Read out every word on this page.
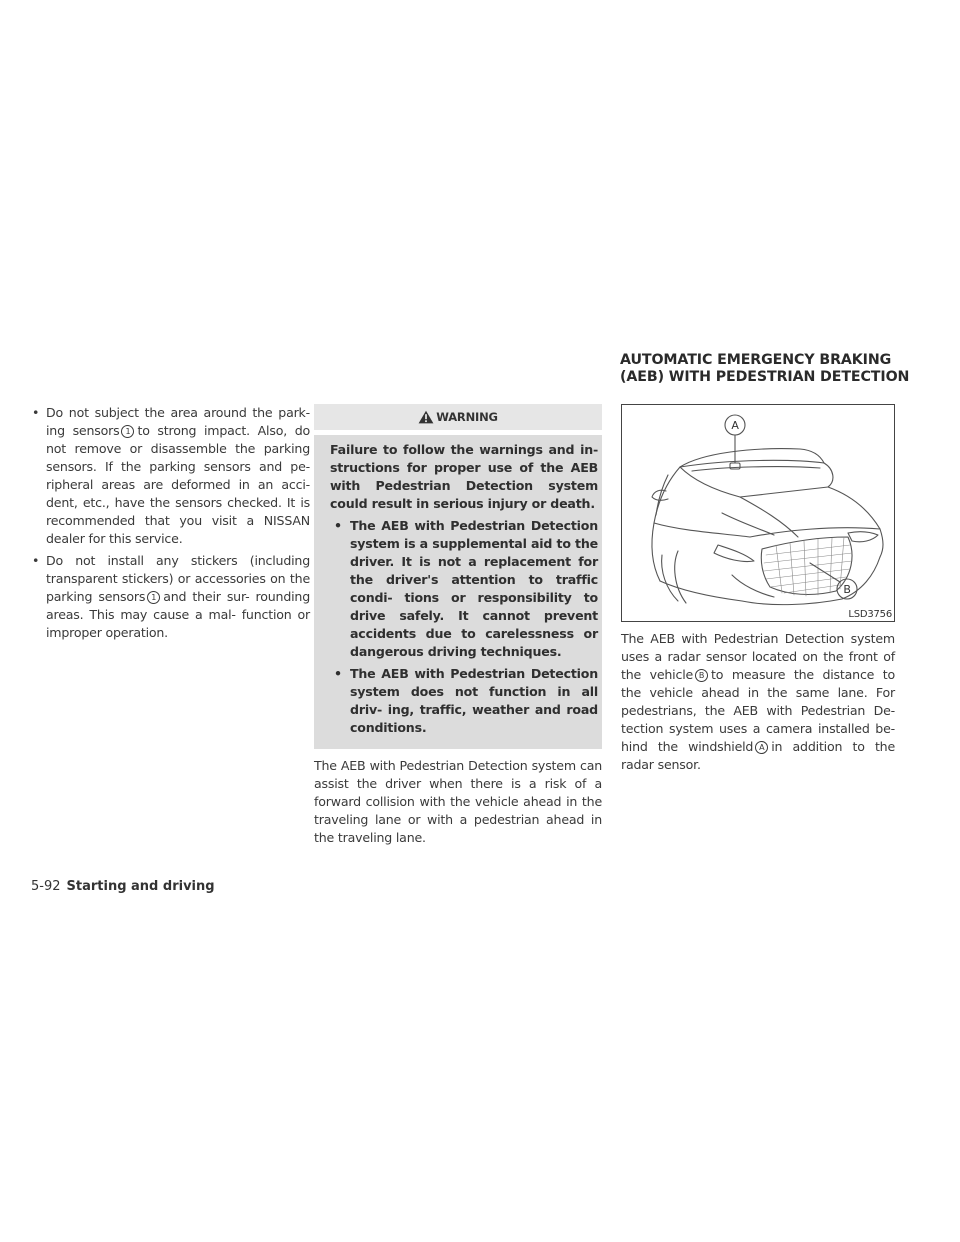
AUTOMATIC EMERGENCY BRAKING
(AEB) WITH PEDESTRIAN DETECTION
• Do not subject the area around the park- ing sensors 1 to strong impact. Also, do not remove or disassemble the parking sensors. If the parking sensors and pe- ripheral areas are deformed in an acci- dent, etc., have the sensors checked. It is recommended that you visit a NISSAN dealer for this service.
• Do not install any stickers (including transparent stickers) or accessories on the parking sensors 1 and their sur- rounding areas. This may cause a mal- function or improper operation.
WARNING

Failure to follow the warnings and in- structions for proper use of the AEB with Pedestrian Detection system could result in serious injury or death.

• The AEB with Pedestrian Detection system is a supplemental aid to the driver. It is not a replacement for the driver's attention to traffic condi- tions or responsibility to drive safely. It cannot prevent accidents due to carelessness or dangerous driving techniques.
• The AEB with Pedestrian Detection system does not function in all driv- ing, traffic, weather and road conditions.

The AEB with Pedestrian Detection system can assist the driver when there is a risk of a forward collision with the vehicle ahead in the traveling lane or with a pedestrian ahead in the traveling lane.

A
B
LSD3756

The AEB with Pedestrian Detection system uses a radar sensor located on the front of the vehicle B to measure the distance to the vehicle ahead in the same lane. For pedestrians, the AEB with Pedestrian De- tection system uses a camera installed be- hind the windshield A in addition to the radar sensor.

5-92 Starting and driving
